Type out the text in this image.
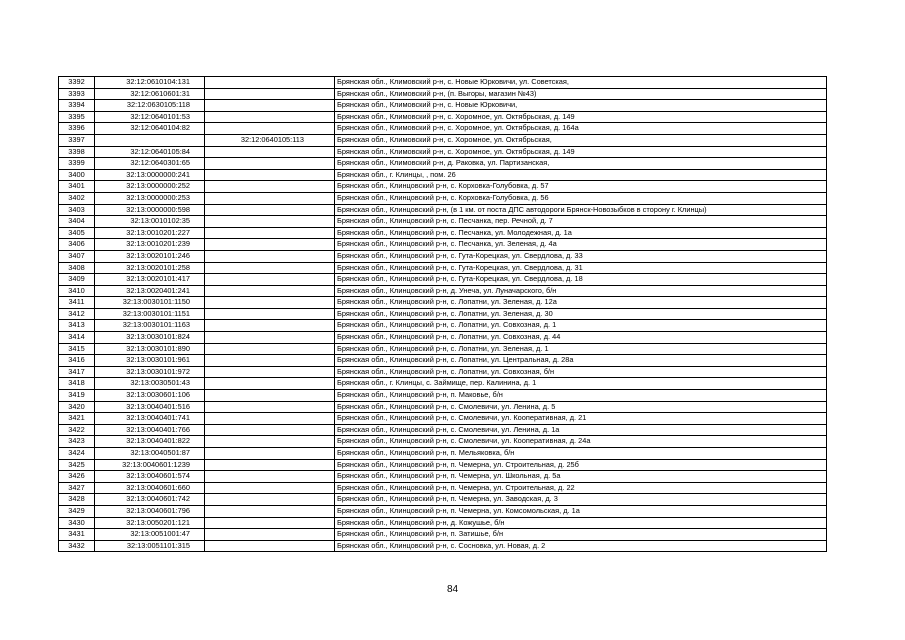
3392	32:12:0610104:131		Брянская обл., Климовский р-н, с. Новые Юрковичи, ул. Советская,
3393	32:12:0610601:31		Брянская обл., Климовский р-н, (п. Выгоры, магазин №43)
3394	32:12:0630105:118		Брянская обл., Климовский р-н, с. Новые Юрковичи,
3395	32:12:0640101:53		Брянская обл., Климовский р-н, с. Хоромное, ул. Октябрьская, д. 149
3396	32:12:0640104:82		Брянская обл., Климовский р-н, с. Хоромное, ул. Октябрьская, д. 164а
3397		32:12:0640105:113	Брянская обл., Климовский р-н, с. Хоромное, ул. Октябрьская,
3398	32:12:0640105:84		Брянская обл., Климовский р-н, с. Хоромное, ул. Октябрьская, д. 149
3399	32:12:0640301:65		Брянская обл., Климовский р-н, д. Раковка, ул. Партизанская,
3400	32:13:0000000:241		Брянская обл., г. Клинцы, , пом. 26
3401	32:13:0000000:252		Брянская обл., Клинцовский р-н, с. Корховка-Голубовка, д. 57
3402	32:13:0000000:253		Брянская обл., Клинцовский р-н, с. Корховка-Голубовка, д. 56
3403	32:13:0000000:598		Брянская обл., Клинцовский р-н, (в 1 км. от поста ДПС автодороги Брянск-Новозыбков в сторону г. Клинцы)
3404	32:13:0010102:35		Брянская обл., Клинцовский р-н, с. Песчанка, пер. Речной, д. 7
3405	32:13:0010201:227		Брянская обл., Клинцовский р-н, с. Песчанка, ул. Молодежная, д. 1а
3406	32:13:0010201:239		Брянская обл., Клинцовский р-н, с. Песчанка, ул. Зеленая, д. 4а
3407	32:13:0020101:246		Брянская обл., Клинцовский р-н, с. Гута-Корецкая, ул. Свердлова, д. 33
3408	32:13:0020101:258		Брянская обл., Клинцовский р-н, с. Гута-Корецкая, ул. Свердлова, д. 31
3409	32:13:0020101:417		Брянская обл., Клинцовский р-н, с. Гута-Корецкая, ул. Свердлова, д. 18
3410	32:13:0020401:241		Брянская обл., Клинцовский р-н, д. Унеча, ул. Луначарского, б/н
3411	32:13:0030101:1150		Брянская обл., Клинцовский р-н, с. Лопатни, ул. Зеленая, д. 12а
3412	32:13:0030101:1151		Брянская обл., Клинцовский р-н, с. Лопатни, ул. Зеленая, д. 30
3413	32:13:0030101:1163		Брянская обл., Клинцовский р-н, с. Лопатни, ул. Совхозная, д. 1
3414	32:13:0030101:824		Брянская обл., Клинцовский р-н, с. Лопатни, ул. Совхозная, д. 44
3415	32:13:0030101:890		Брянская обл., Клинцовский р-н, с. Лопатни, ул. Зеленая, д. 1
3416	32:13:0030101:961		Брянская обл., Клинцовский р-н, с. Лопатни, ул. Центральная, д. 28а
3417	32:13:0030101:972		Брянская обл., Клинцовский р-н, с. Лопатни, ул. Совхозная, б/н
3418	32:13:0030501:43		Брянская обл., г. Клинцы, с. Займище, пер. Калинина, д. 1
3419	32:13:0030601:106		Брянская обл., Клинцовский р-н, п. Маковье, б/н
3420	32:13:0040401:516		Брянская обл., Клинцовский р-н, с. Смолевичи, ул. Ленина, д. 5
3421	32:13:0040401:741		Брянская обл., Клинцовский р-н, с. Смолевичи, ул. Кооперативная, д. 21
3422	32:13:0040401:766		Брянская обл., Клинцовский р-н, с. Смолевичи, ул. Ленина, д. 1а
3423	32:13:0040401:822		Брянская обл., Клинцовский р-н, с. Смолевичи, ул. Кооперативная, д. 24а
3424	32:13:0040501:87		Брянская обл., Клинцовский р-н, п. Мельяковка, б/н
3425	32:13:0040601:1239		Брянская обл., Клинцовский р-н, п. Чемерна, ул. Строительная, д. 25б
3426	32:13:0040601:574		Брянская обл., Клинцовский р-н, п. Чемерна, ул. Школьная, д. 5а
3427	32:13:0040601:660		Брянская обл., Клинцовский р-н, п. Чемерна, ул. Строительная, д. 22
3428	32:13:0040601:742		Брянская обл., Клинцовский р-н, п. Чемерна, ул. Заводская, д. 3
3429	32:13:0040601:796		Брянская обл., Клинцовский р-н, п. Чемерна, ул. Комсомольская, д. 1а
3430	32:13:0050201:121		Брянская обл., Клинцовский р-н, д. Кожушье, б/н
3431	32:13:0051001:47		Брянская обл., Клинцовский р-н, п. Затишье, б/н
3432	32:13:0051101:315		Брянская обл., Клинцовский р-н, с. Сосновка, ул. Новая, д. 2
84
